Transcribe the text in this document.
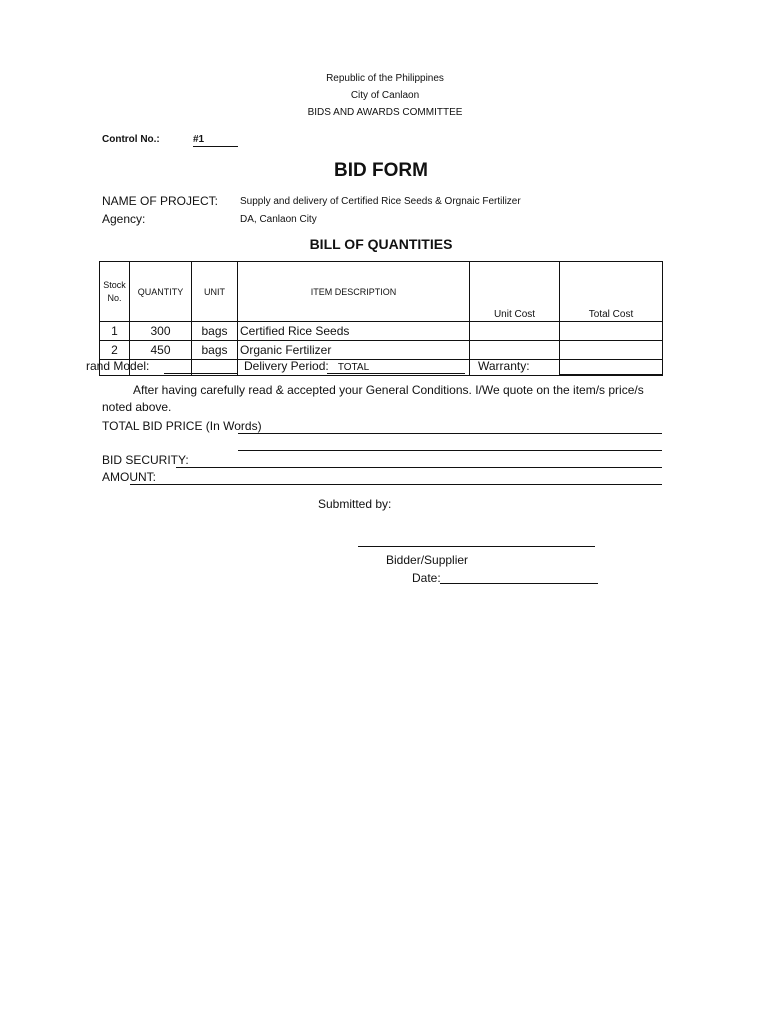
Republic of the Philippines
City of Canlaon
BIDS AND AWARDS COMMITTEE
Control No.:	#1
BID FORM
NAME OF PROJECT: Supply and delivery of Certified Rice Seeds & Orgnaic Fertilizer
Agency:	DA, Canlaon City
BILL OF QUANTITIES
Stock No.	QUANTITY	UNIT	ITEM DESCRIPTION	Unit Cost	Total Cost
1	300	bags	Certified Rice Seeds		
2	450	bags	Organic Fertilizer		
			TOTAL		
rand Model:	Delivery Period:	Warranty:
After having carefully read & accepted your General Conditions. I/We quote on the item/s price/s
noted above.
TOTAL BID PRICE (In Words)
BID SECURITY:
AMOUNT:
Submitted by:
Bidder/Supplier
Date:
